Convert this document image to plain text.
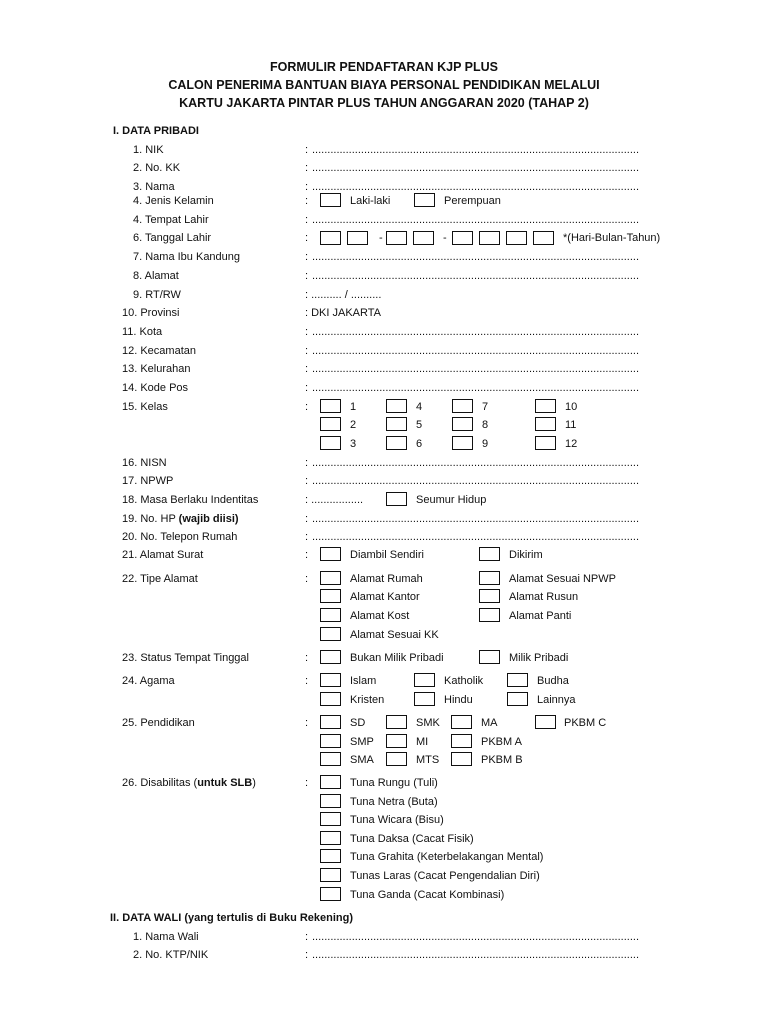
FORMULIR PENDAFTARAN KJP PLUS
CALON PENERIMA BANTUAN BIAYA PERSONAL PENDIDIKAN MELALUI
KARTU JAKARTA PINTAR PLUS TAHUN ANGGARAN 2020 (TAHAP 2)
I. DATA PRIBADI
1. NIK	: ...........................................................................................................
2. No. KK	: ...........................................................................................................
3. Nama	: ...........................................................................................................
4. Tempat Lahir	: ...........................................................................................................
7. Nama Ibu Kandung	: ...........................................................................................................
8. Alamat	: ...........................................................................................................
11. Kota	: ...........................................................................................................
12. Kecamatan	: ...........................................................................................................
13. Kelurahan	: ...........................................................................................................
14. Kode Pos	: ...........................................................................................................
16. NISN	: ...........................................................................................................
17. NPWP	: ...........................................................................................................
20. No. Telepon Rumah	: ...........................................................................................................
4. Jenis Kelamin	:	Laki-laki	Perempuan
6. Tanggal Lahir	:	-	-	*(Hari-Bulan-Tahun)
9. RT/RW	: .......... / ..........
10. Provinsi	: DKI JAKARTA
15. Kelas	:	1	4	7	10
2	5	8	11
3	6	9	12
18. Masa Berlaku Indentitas	: .................	Seumur Hidup
19. No. HP (wajib diisi)	: ...........................................................................................................
21. Alamat Surat	:	Diambil Sendiri	Dikirim
22. Tipe Alamat	:	Alamat Rumah	Alamat Sesuai NPWP
Alamat Kantor	Alamat Rusun
Alamat Kost	Alamat Panti
Alamat Sesuai KK
23. Status Tempat Tinggal	:	Bukan Milik Pribadi	Milik Pribadi
24. Agama	:	Islam	Katholik	Budha
Kristen	Hindu	Lainnya
25. Pendidikan	:	SD	SMK	MA	PKBM C
SMP	MI	PKBM A
SMA	MTS	PKBM B
26. Disabilitas (untuk SLB)	:	Tuna Rungu (Tuli)
Tuna Netra (Buta)
Tuna Wicara (Bisu)
Tuna Daksa (Cacat Fisik)
Tuna Grahita (Keterbelakangan Mental)
Tunas Laras (Cacat Pengendalian Diri)
Tuna Ganda (Cacat Kombinasi)
II. DATA WALI (yang tertulis di Buku Rekening)
1. Nama Wali	: ...........................................................................................................
2. No. KTP/NIK	: ...........................................................................................................
